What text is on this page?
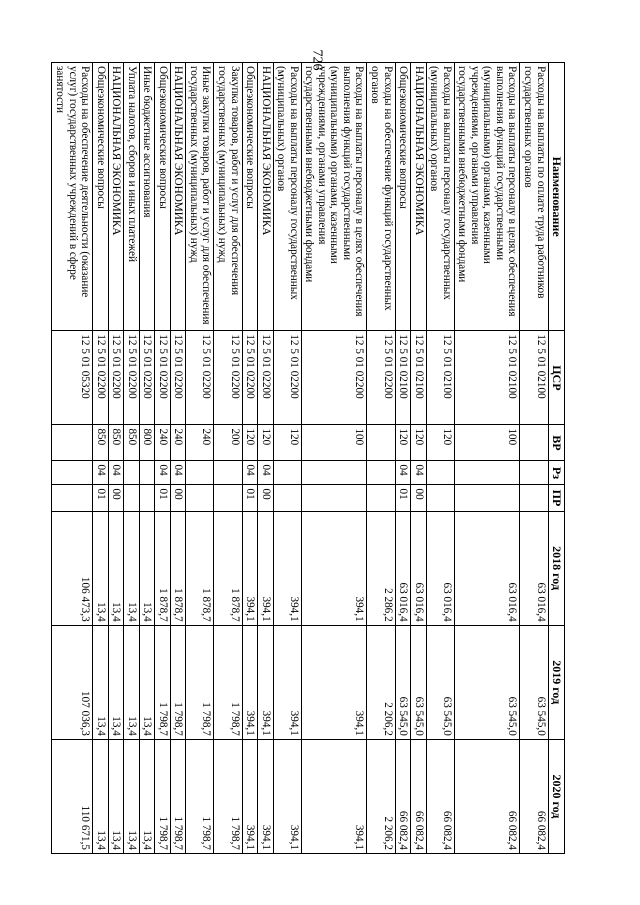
726
Наименование	ЦСР	ВР	Рз	ПР	2018 год	2019 год	2020 год
Расходы на выплаты по оплате труда работников государственных органов	12 5 01 02100				63 016,4	63 545,0	66 082,4
Расходы на выплаты персоналу в целях обеспечения выполнения функций государственными (муниципальными) органами, казенными учреждениями, органами управления государственными внебюджетными фондами	12 5 01 02100	100			63 016,4	63 545,0	66 082,4
Расходы на выплаты персоналу государственных (муниципальных) органов	12 5 01 02100	120			63 016,4	63 545,0	66 082,4
НАЦИОНАЛЬНАЯ ЭКОНОМИКА	12 5 01 02100	120	04	00	63 016,4	63 545,0	66 082,4
Общеэкономические вопросы	12 5 01 02100	120	04	01	63 016,4	63 545,0	66 082,4
Расходы на обеспечение функций государственных органов	12 5 01 02200				2 286,2	2 206,2	2 206,2
Расходы на выплаты персоналу в целях обеспечения выполнения функций государственными (муниципальными) органами, казенными учреждениями, органами управления государственными внебюджетными фондами	12 5 01 02200	100			394,1	394,1	394,1
Расходы на выплаты персоналу государственных (муниципальных) органов	12 5 01 02200	120			394,1	394,1	394,1
НАЦИОНАЛЬНАЯ ЭКОНОМИКА	12 5 01 02200	120	04	00	394,1	394,1	394,1
Общеэкономические вопросы	12 5 01 02200	120	04	01	394,1	394,1	394,1
Закупка товаров, работ и услуг для обеспечения государственных (муниципальных) нужд	12 5 01 02200	200			1 878,7	1 798,7	1 798,7
Иные закупки товаров, работ и услуг для обеспечения государственных (муниципальных) нужд	12 5 01 02200	240			1 878,7	1 798,7	1 798,7
НАЦИОНАЛЬНАЯ ЭКОНОМИКА	12 5 01 02200	240	04	00	1 878,7	1 798,7	1 798,7
Общеэкономические вопросы	12 5 01 02200	240	04	01	1 878,7	1 798,7	1 798,7
Иные бюджетные ассигнования	12 5 01 02200	800			13,4	13,4	13,4
Уплата налогов, сборов и иных платежей	12 5 01 02200	850			13,4	13,4	13,4
НАЦИОНАЛЬНАЯ ЭКОНОМИКА	12 5 01 02200	850	04	00	13,4	13,4	13,4
Общеэкономические вопросы	12 5 01 02200	850	04	01	13,4	13,4	13,4
Расходы на обеспечение деятельности (оказание услуг) государственных учреждений в сфере занятости	12 5 01 05320				106 473,3	107 036,3	110 671,5
